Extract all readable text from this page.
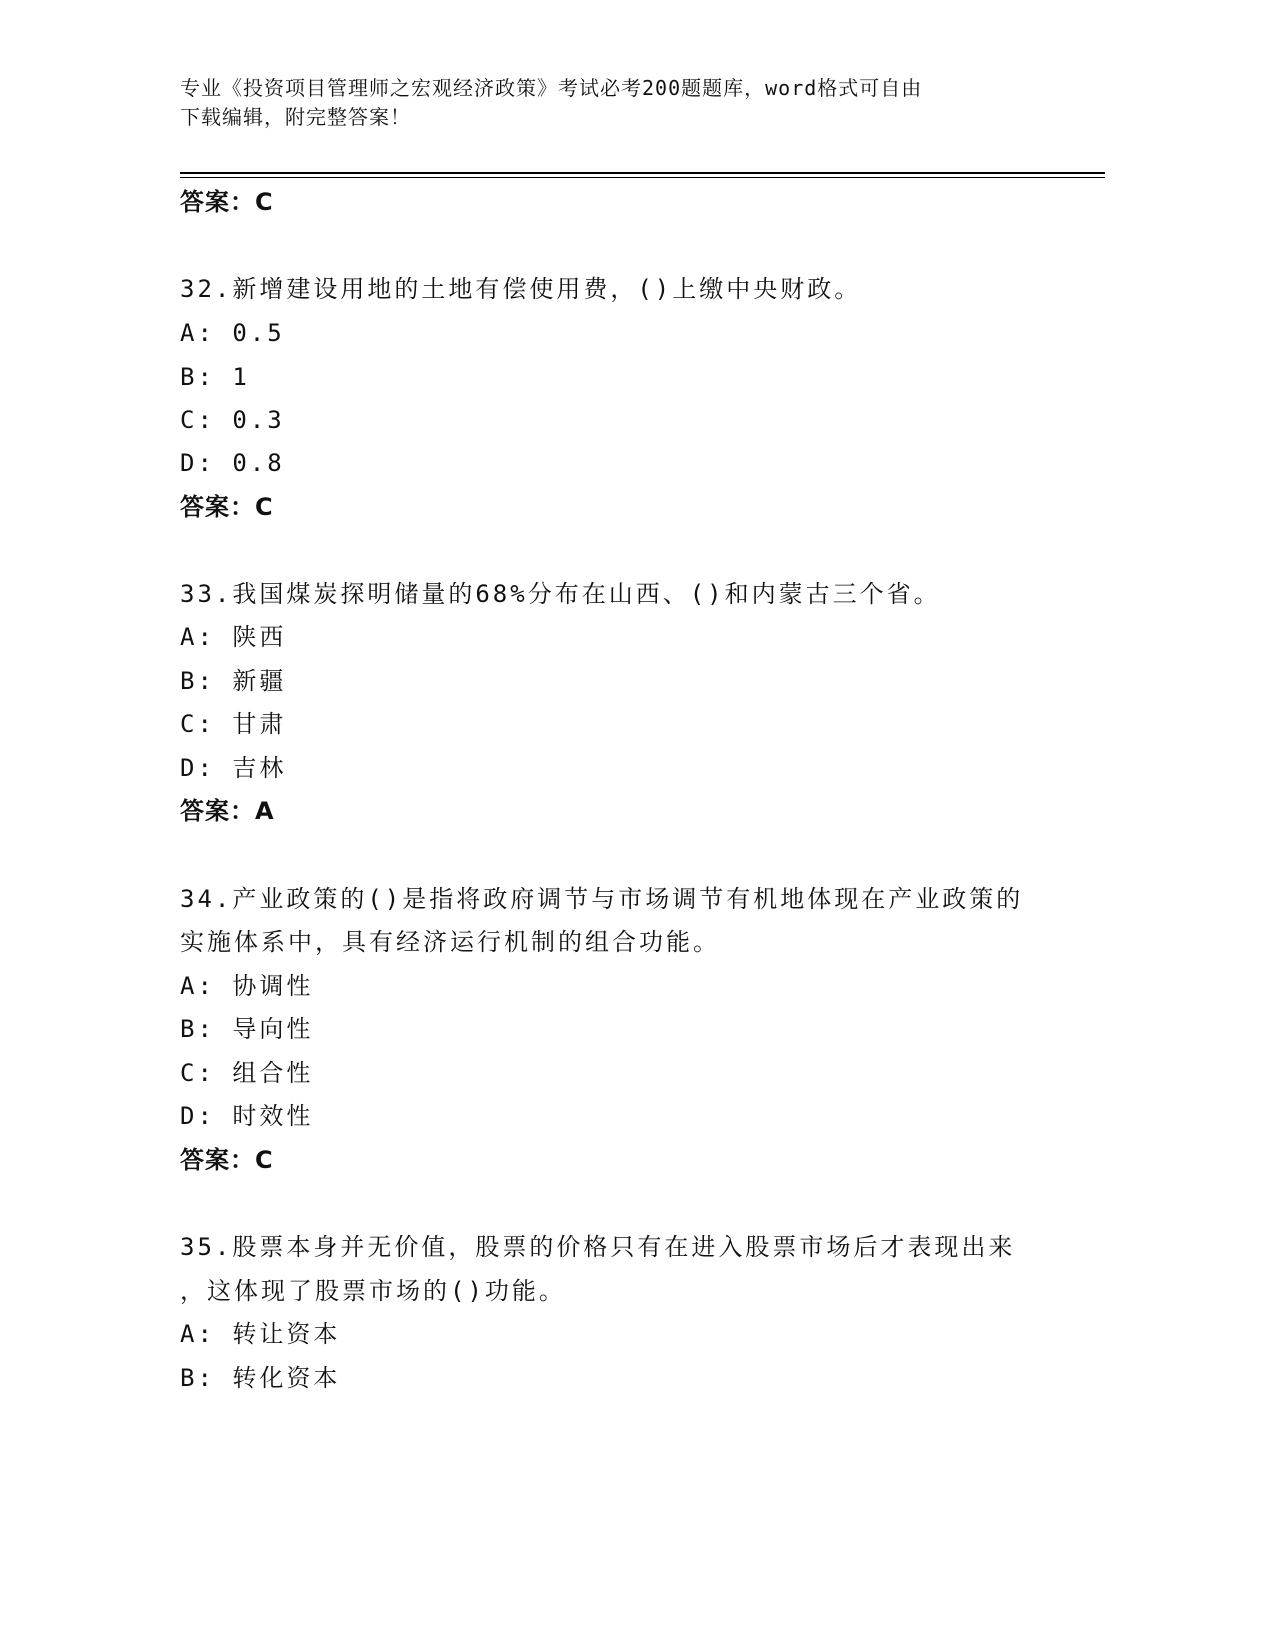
专业《投资项目管理师之宏观经济政策》考试必考200题题库，word格式可自由
下载编辑，附完整答案！
答案：C
32.新增建设用地的土地有偿使用费，()上缴中央财政。
A: 0.5
B: 1
C: 0.3
D: 0.8
答案：C
33.我国煤炭探明储量的68%分布在山西、()和内蒙古三个省。
A: 陕西
B: 新疆
C: 甘肃
D: 吉林
答案：A
34.产业政策的()是指将政府调节与市场调节有机地体现在产业政策的
实施体系中，具有经济运行机制的组合功能。
A: 协调性
B: 导向性
C: 组合性
D: 时效性
答案：C
35.股票本身并无价值，股票的价格只有在进入股票市场后才表现出来
，这体现了股票市场的()功能。
A: 转让资本
B: 转化资本
